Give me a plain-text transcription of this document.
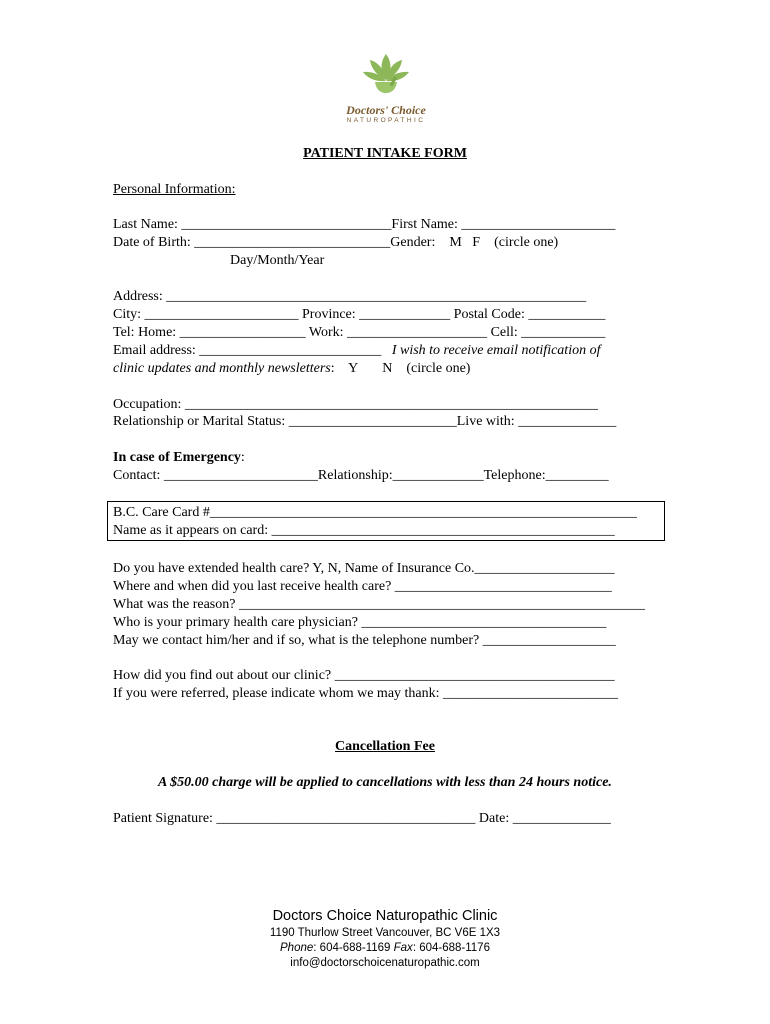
Doctors' Choice
NATUROPATHIC
PATIENT INTAKE FORM
Personal Information:
Last Name: ______________________________First Name: ______________________
Date of Birth: ____________________________Gender:    M   F    (circle one)
Day/Month/Year
Address: ____________________________________________________________
City: ______________________ Province: _____________ Postal Code: ___________
Tel: Home: __________________ Work: ____________________ Cell: ____________
Email address: __________________________ I wish to receive email notification of
clinic updates and monthly newsletters:    Y       N    (circle one)
Occupation: ___________________________________________________________
Relationship or Marital Status: ________________________Live with: ______________
In case of Emergency:
Contact: ______________________Relationship:_____________Telephone:_________
B.C. Care Card #_____________________________________________________________
Name as it appears on card: _________________________________________________
Do you have extended health care? Y, N, Name of Insurance Co.____________________
Where and when did you last receive health care? _______________________________
What was the reason? __________________________________________________________
Who is your primary health care physician? ___________________________________
May we contact him/her and if so, what is the telephone number? ___________________
How did you find out about our clinic? ________________________________________
If you were referred, please indicate whom we may thank: _________________________
Cancellation Fee
A $50.00 charge will be applied to cancellations with less than 24 hours notice.
Patient Signature: _____________________________________ Date: ______________
Doctors Choice Naturopathic Clinic
1190 Thurlow Street Vancouver, BC V6E 1X3
Phone: 604-688-1169 Fax: 604-688-1176
info@doctorschoicenaturopathic.com
